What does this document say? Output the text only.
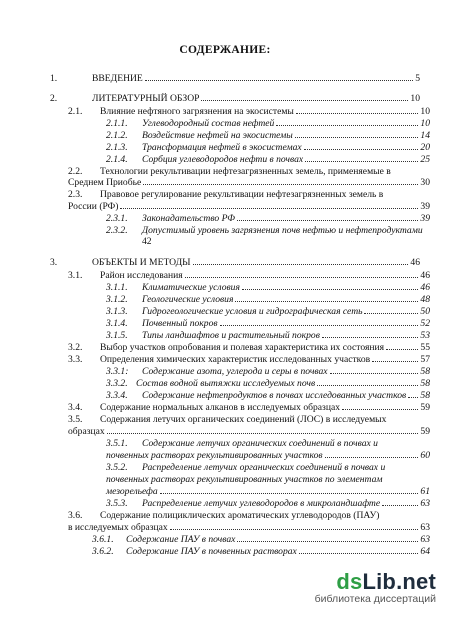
СОДЕРЖАНИЕ:
1.	ВВЕДЕНИЕ	5
2.	ЛИТЕРАТУРНЫЙ ОБЗОР	10
2.1.	Влияние нефтяного загрязнения на экосистемы	10
2.1.1.	Углеводородный состав нефтей	10
2.1.2.	Воздействие нефтей на экосистемы	14
2.1.3.	Трансформация нефтей в экосистемах	20
2.1.4.	Сорбция углеводородов нефти в почвах	25
2.2.	Технологии рекультивации нефтезагрязненных земель, применяемые в
Среднем Приобье	30
2.3.	Правовое регулирование рекультивации нефтезагрязненных земель в
России (РФ)	39
2.3.1.	Законадательство РФ	39
2.3.2.	Допустимый уровень загрязнения почв нефтью и нефтепродуктами
42
3.	ОБЪЕКТЫ И МЕТОДЫ	46
3.1.	Район исследования	46
3.1.1.	Климатические условия	46
3.1.2.	Геологические условия	48
3.1.3.	Гидрогеологические условия и гидрографическая сеть	50
3.1.4.	Почвенный покров	52
3.1.5.	Типы ландшафтов и растительный покров	53
3.2.	Выбор участков опробования и полевая характеристика их состояния	55
3.3.	Определения химических характеристик исследованных участков	57
3.3.1:	Содержание азота, углерода и серы в почвах	58
3.3.2. Состав водной вытяжки исследуемых почв	58
3.3.4.	Содержание нефтепродуктов в почвах исследованных участков 58
3.4.	Содержание нормальных алканов в исследуемых образцах	59
3.5.	Содержания летучих органических соединений (ЛОС) в исследуемых
образцах	59
3.5.1.	Содержание летучих органических соединений в почвах и
почвенных растворах рекультивированных участков	60
3.5.2.	Распределение летучих органических соединений в почвах и
почвенных растворах рекультивированных участков по элементам
мезорельефа	61
3.5.3.	Распределение летучих углеводородов в микроландшафте	63
3.6.	Содержание полициклических ароматических углеводородов (ПАУ)
в исследуемых образцах	63
3.6.1.	Содержание ПАУ в почвах	63
3.6.2.	Содержание ПАУ в почвенных растворах	64
dsLib.net
библиотека диссертаций
